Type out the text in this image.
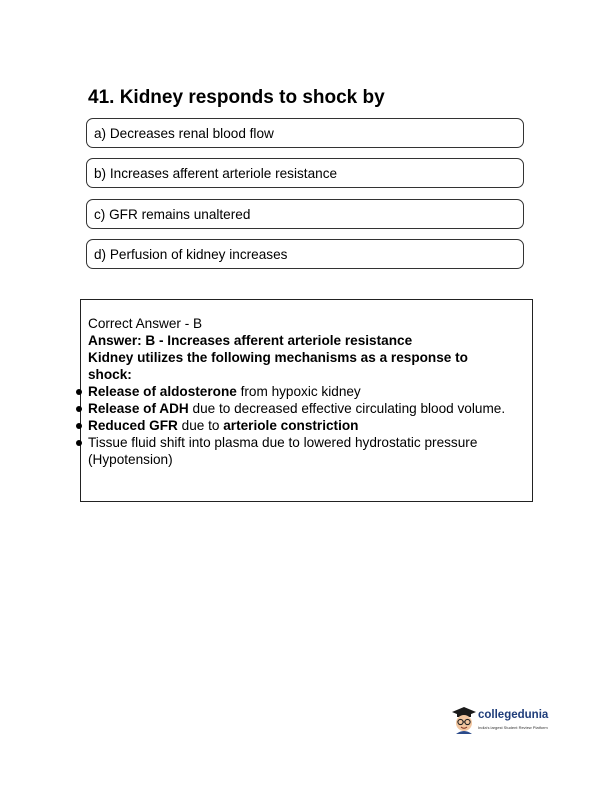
41. Kidney responds to shock by
a) Decreases renal blood flow
b) Increases afferent arteriole resistance
c) GFR remains unaltered
d) Perfusion of kidney increases

Correct Answer - B

Answer: B - Increases afferent arteriole resistance

Kidney utilizes the following mechanisms as a response to shock:

Release of aldosterone from hypoxic kidney
Release of ADH due to decreased effective circulating blood volume.
Reduced GFR due to arteriole constriction
Tissue fluid shift into plasma due to lowered hydrostatic pressure (Hypotension)
collegedunia
India's largest Student Review Platform
